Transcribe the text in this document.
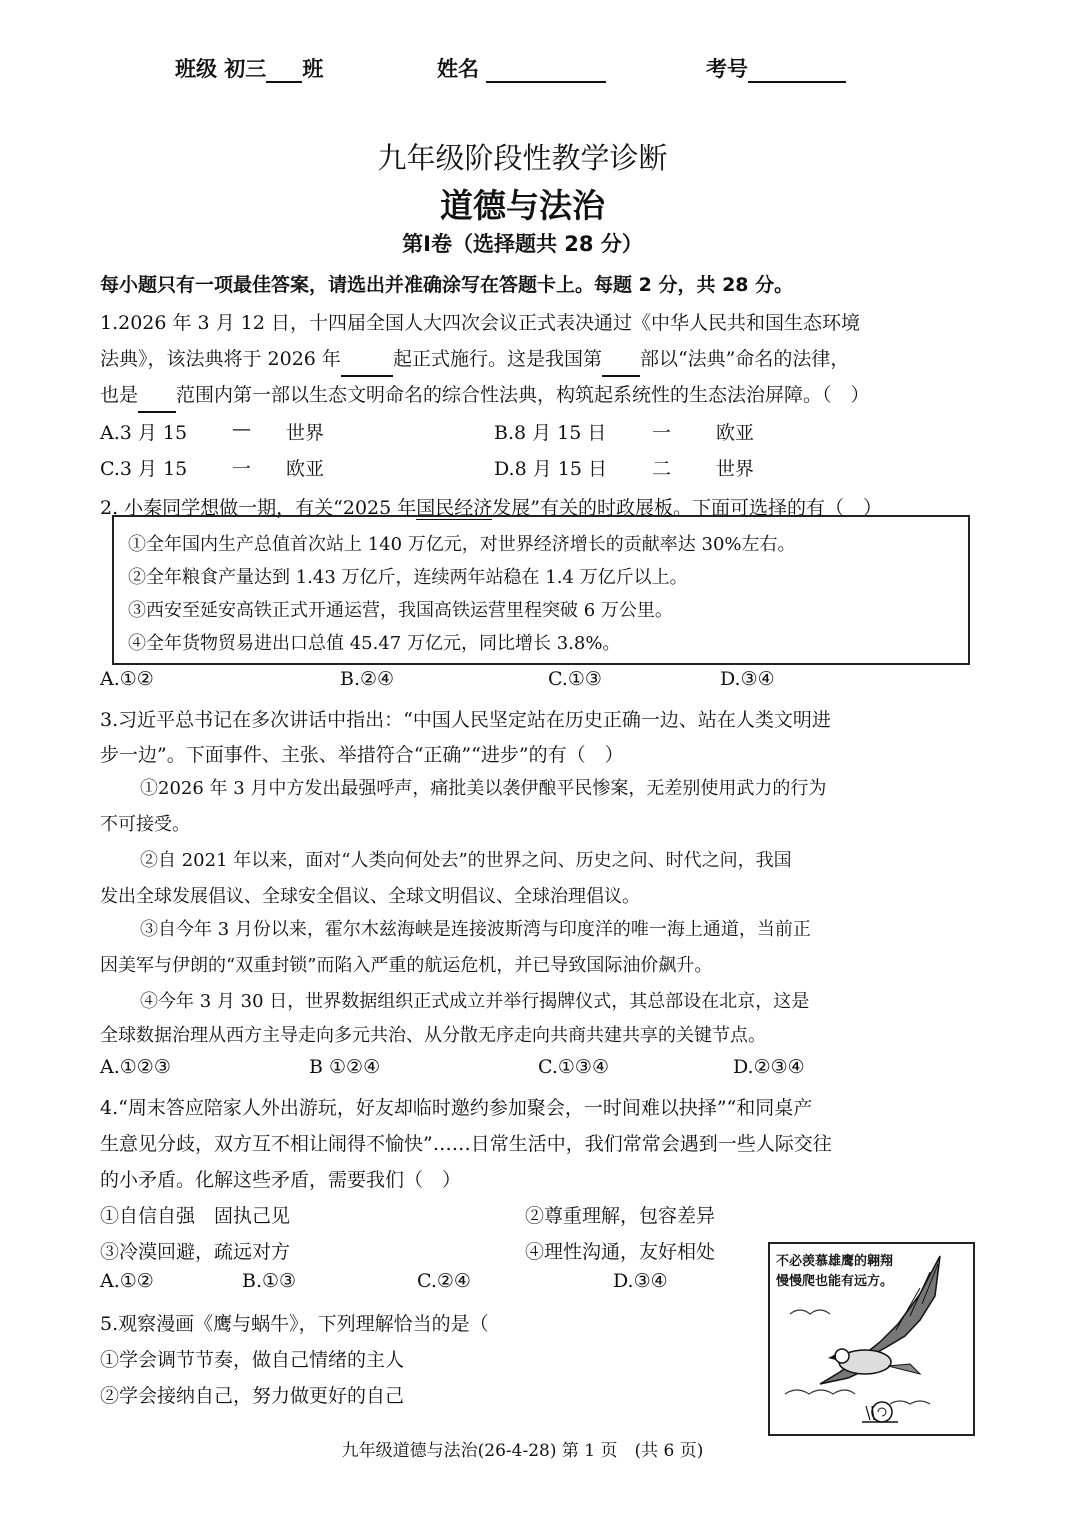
班级 初三 班	姓名	考号
九年级阶段性教学诊断
道德与法治
第Ⅰ卷（选择题共 28 分）
每小题只有一项最佳答案，请选出并准确涂写在答题卡上。每题 2 分，共 28 分。
1.2026 年 3 月 12 日，十四届全国人大四次会议正式表决通过《中华人民共和国生态环境
法典》，该法典将于 2026 年	起正式施行。这是我国第 部以“法典”命名的法律，
也是 范围内第一部以生态文明命名的综合性法典，构筑起系统性的生态法治屏障。（　）
A.3 月 15 — 世界	B.8 月 15 日 一 欧亚
C.3 月 15 一 欧亚	D.8 月 15 日 二 世界
2. 小秦同学想做一期，有关“2025 年国民经济发展”有关的时政展板。下面可选择的有（　）
①全年国内生产总值首次站上 140 万亿元，对世界经济增长的贡献率达 30%左右。
②全年粮食产量达到 1.43 万亿斤，连续两年站稳在 1.4 万亿斤以上。
③西安至延安高铁正式开通运营，我国高铁运营里程突破 6 万公里。
④全年货物贸易进出口总值 45.47 万亿元，同比增长 3.8%。
A.①②	B.②④	C.①③	D.③④
3.习近平总书记在多次讲话中指出：“中国人民坚定站在历史正确一边、站在人类文明进
步一边”。下面事件、主张、举措符合“正确”“进步”的有（　）
①2026 年 3 月中方发出最强呼声，痛批美以袭伊酿平民惨案，无差别使用武力的行为
不可接受。
②自 2021 年以来，面对“人类向何处去”的世界之问、历史之问、时代之问，我国
发出全球发展倡议、全球安全倡议、全球文明倡议、全球治理倡议。
③自今年 3 月份以来，霍尔木兹海峡是连接波斯湾与印度洋的唯一海上通道，当前正
因美军与伊朗的“双重封锁”而陷入严重的航运危机，并已导致国际油价飙升。
④今年 3 月 30 日，世界数据组织正式成立并举行揭牌仪式，其总部设在北京，这是
全球数据治理从西方主导走向多元共治、从分散无序走向共商共建共享的关键节点。
A.①②③	B ①②④	C.①③④	D.②③④
4.“周末答应陪家人外出游玩，好友却临时邀约参加聚会，一时间难以抉择”“和同桌产
生意见分歧，双方互不相让闹得不愉快”……日常生活中，我们常常会遇到一些人际交往
的小矛盾。化解这些矛盾，需要我们（　）
①自信自强　固执己见	②尊重理解，包容差异
③冷漠回避，疏远对方	④理性沟通，友好相处
A.①②	B.①③	C.②④	D.③④
5.观察漫画《鹰与蜗牛》，下列理解恰当的是（
①学会调节节奏，做自己情绪的主人
②学会接纳自己，努力做更好的自己
不必羡慕雄鹰的翱翔
慢慢爬也能有远方。
九年级道德与法治(26-4-28) 第 1 页　(共 6 页)
